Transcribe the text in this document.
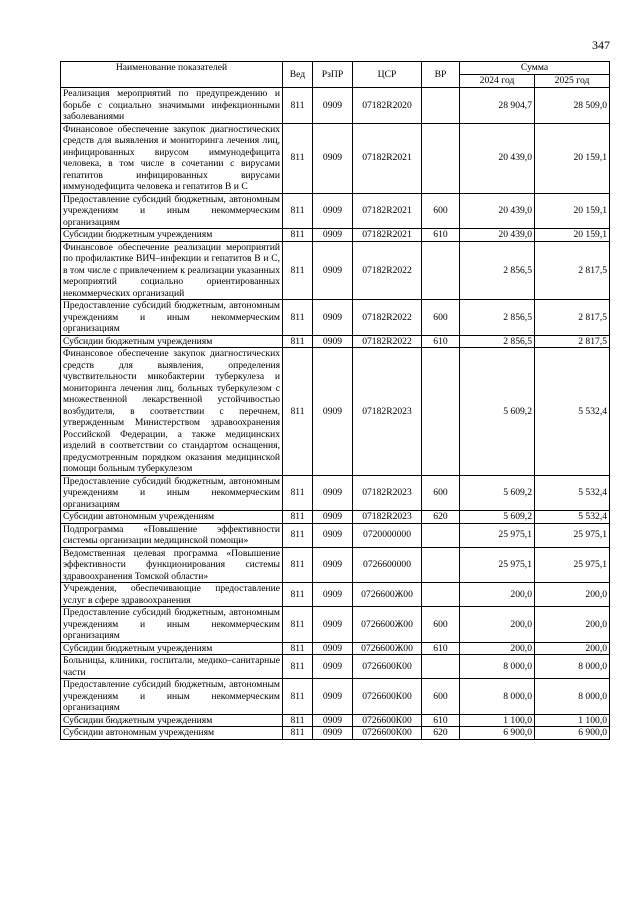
347
Наименование показателей	Вед	РзПР	ЦСР	ВР	Сумма	
					2024 год	2025 год
Реализация мероприятий по предупреждению и борьбе с социально значимыми инфекционными заболеваниями	811	0909	07182R2020		28 904,7	28 509,0
Финансовое обеспечение закупок диагностических средств для выявления и мониторинга лечения лиц, инфицированных вирусом иммунодефицита человека, в том числе в сочетании с вирусами гепатитов инфицированных вирусами иммунодефицита человека и гепатитов В и С	811	0909	07182R2021		20 439,0	20 159,1
Предоставление субсидий бюджетным, автономным учреждениям и иным некоммерческим организациям	811	0909	07182R2021	600	20 439,0	20 159,1
Субсидии бюджетным учреждениям	811	0909	07182R2021	610	20 439,0	20 159,1
Финансовое обеспечение реализации мероприятий по профилактике ВИЧ–инфекции и гепатитов В и С, в том числе с привлечением к реализации указанных мероприятий социально ориентированных некоммерческих организаций	811	0909	07182R2022		2 856,5	2 817,5
Предоставление субсидий бюджетным, автономным учреждениям и иным некоммерческим организациям	811	0909	07182R2022	600	2 856,5	2 817,5
Субсидии бюджетным учреждениям	811	0909	07182R2022	610	2 856,5	2 817,5
Финансовое обеспечение закупок диагностических средств для выявления, определения чувствительности микобактерии туберкулеза и мониторинга лечения лиц, больных туберкулезом с множественной лекарственной устойчивостью возбудителя, в соответствии с перечнем, утвержденным Министерством здравоохранения Российской Федерации, а также медицинских изделий в соответствии со стандартом оснащения, предусмотренным порядком оказания медицинской помощи больным туберкулезом	811	0909	07182R2023		5 609,2	5 532,4
Предоставление субсидий бюджетным, автономным учреждениям и иным некоммерческим организациям	811	0909	07182R2023	600	5 609,2	5 532,4
Субсидии автономным учреждениям	811	0909	07182R2023	620	5 609,2	5 532,4
Подпрограмма «Повышение эффективности системы организации медицинской помощи»	811	0909	0720000000		25 975,1	25 975,1
Ведомственная целевая программа «Повышение эффективности функционирования системы здравоохранения Томской области»	811	0909	0726600000		25 975,1	25 975,1
Учреждения, обеспечивающие предоставление услуг в сфере здравоохранения	811	0909	0726600Ж00		200,0	200,0
Предоставление субсидий бюджетным, автономным учреждениям и иным некоммерческим организациям	811	0909	0726600Ж00	600	200,0	200,0
Субсидии бюджетным учреждениям	811	0909	0726600Ж00	610	200,0	200,0
Больницы, клиники, госпитали, медико–санитарные части	811	0909	0726600К00		8 000,0	8 000,0
Предоставление субсидий бюджетным, автономным учреждениям и иным некоммерческим организациям	811	0909	0726600К00	600	8 000,0	8 000,0
Субсидии бюджетным учреждениям	811	0909	0726600К00	610	1 100,0	1 100,0
Субсидии автономным учреждениям	811	0909	0726600К00	620	6 900,0	6 900,0
